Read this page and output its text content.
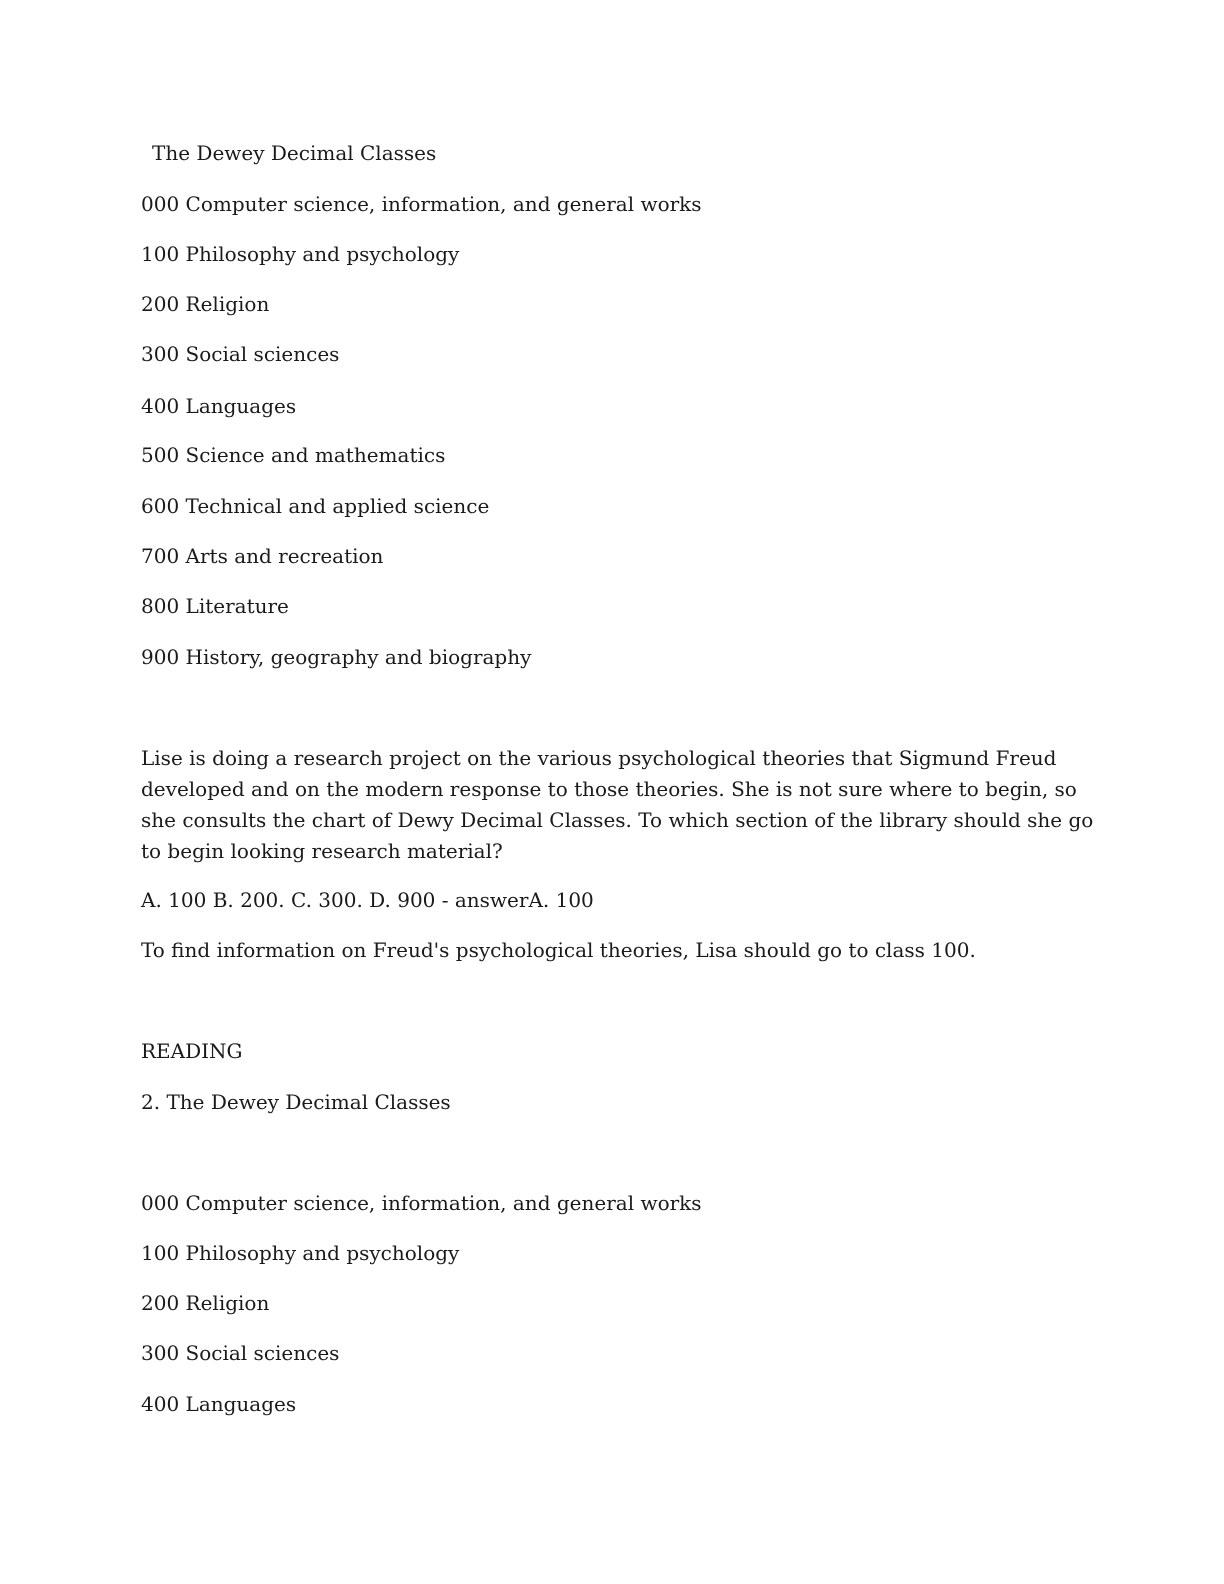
The Dewey Decimal Classes
000 Computer science, information, and general works
100 Philosophy and psychology
200 Religion
300 Social sciences
400 Languages
500 Science and mathematics
600 Technical and applied science
700 Arts and recreation
800 Literature
900 History, geography and biography
Lise is doing a research project on the various psychological theories that Sigmund Freud developed and on the modern response to those theories. She is not sure where to begin, so she consults the chart of Dewy Decimal Classes. To which section of the library should she go to begin looking research material?
A. 100 B. 200. C. 300. D. 900 - answerA. 100
To find information on Freud's psychological theories, Lisa should go to class 100.
READING
2. The Dewey Decimal Classes
000 Computer science, information, and general works
100 Philosophy and psychology
200 Religion
300 Social sciences
400 Languages
